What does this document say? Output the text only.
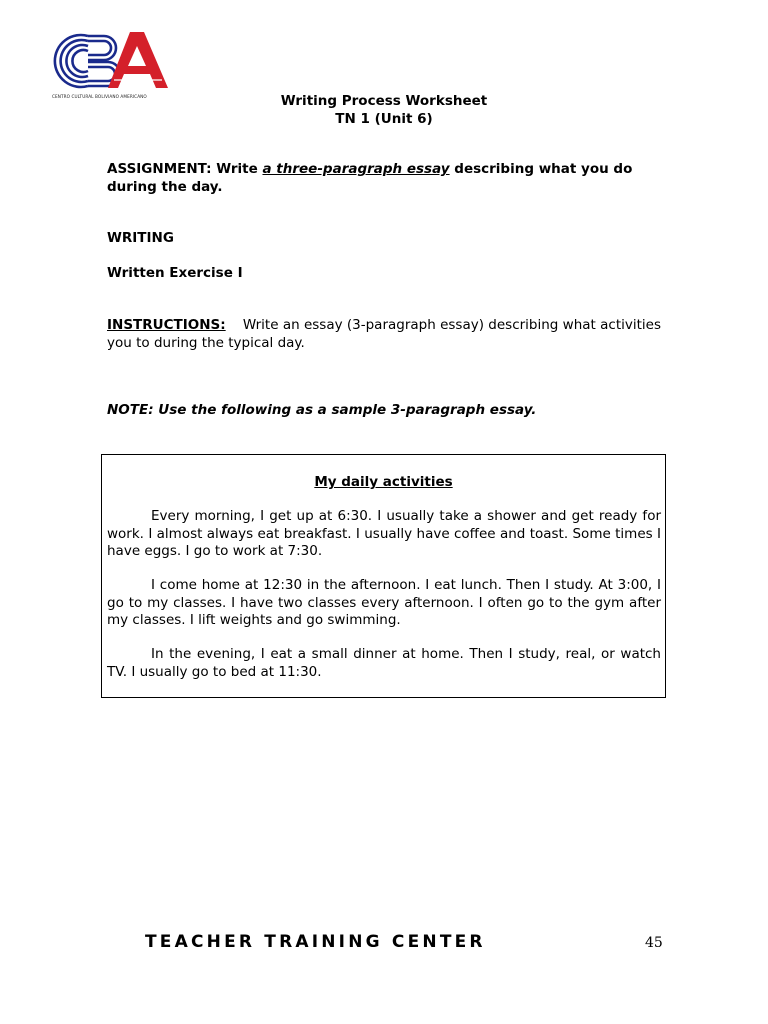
CENTRO CULTURAL BOLIVIANO AMERICANO	Writing Process Worksheet
TN 1 (Unit 6)
ASSIGNMENT: Write a three-paragraph essay describing what you do during the day.
WRITING
Written Exercise I
INSTRUCTIONS: Write an essay (3-paragraph essay) describing what activities you to during the typical day.
NOTE: Use the following as a sample 3-paragraph essay.
My daily activities
Every morning, I get up at 6:30. I usually take a shower and get ready for work. I almost always eat breakfast. I usually have coffee and toast. Some times I have eggs. I go to work at 7:30.
I come home at 12:30 in the afternoon. I eat lunch. Then I study. At 3:00, I go to my classes. I have two classes every afternoon. I often go to the gym after my classes. I lift weights and go swimming.
In the evening, I eat a small dinner at home. Then I study, real, or watch TV. I usually go to bed at 11:30.
TEACHER TRAINING CENTER	45
